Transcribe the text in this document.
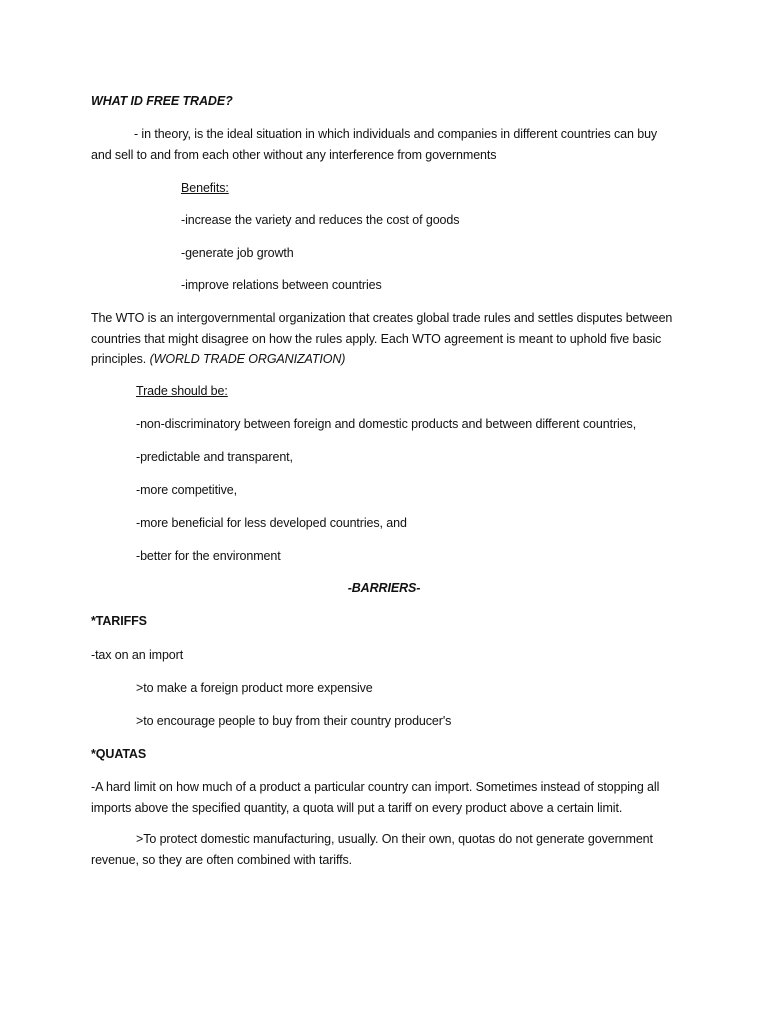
WHAT ID FREE TRADE?
- in theory, is the ideal situation in which individuals and companies in different countries can buy and sell to and from each other without any interference from governments
Benefits:
-increase the variety and reduces the cost of goods
-generate job growth
-improve relations between countries
The WTO is an intergovernmental organization that creates global trade rules and settles disputes between countries that might disagree on how the rules apply. Each WTO agreement is meant to uphold five basic principles. (WORLD TRADE ORGANIZATION)
Trade should be:
-non-discriminatory between foreign and domestic products and between different countries,
-predictable and transparent,
-more competitive,
-more beneficial for less developed countries, and
-better for the environment
-BARRIERS-
*TARIFFS
-tax on an import
>to make a foreign product more expensive
>to encourage people to buy from their country producer's
*QUATAS
-A hard limit on how much of a product a particular country can import. Sometimes instead of stopping all imports above the specified quantity, a quota will put a tariff on every product above a certain limit.
>To protect domestic manufacturing, usually. On their own, quotas do not generate government revenue, so they are often combined with tariffs.
